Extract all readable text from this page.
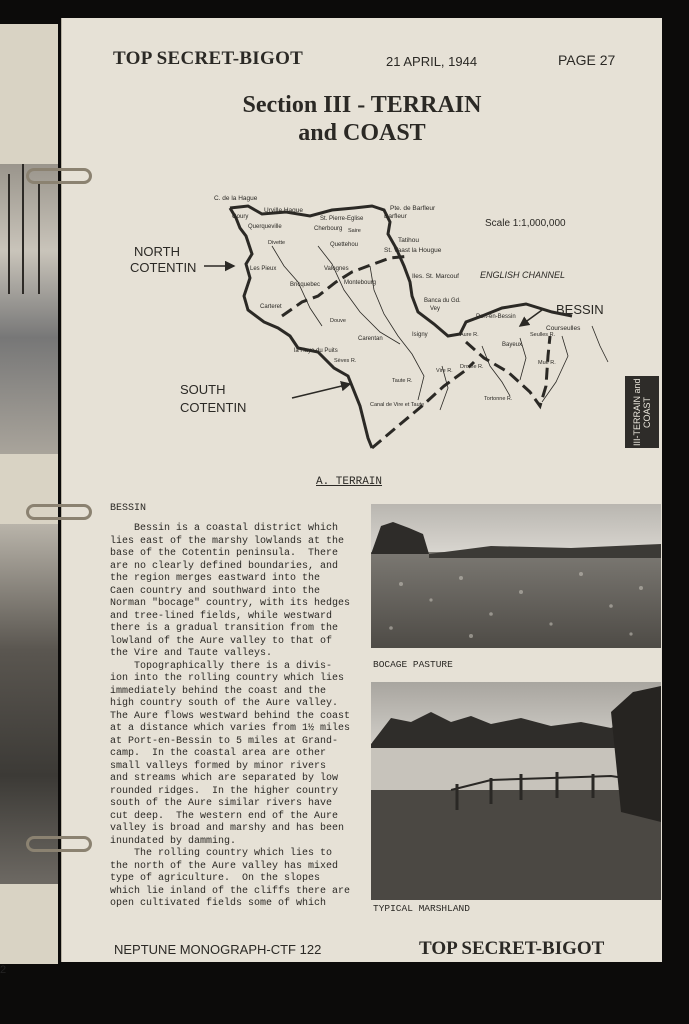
2
TOP SECRET-BIGOT	21 APRIL, 1944	PAGE 27
Section III - TERRAIN
and COAST
Scale 1:1,000,000
NORTH
COTENTIN
SOUTH
COTENTIN
BESSIN
ENGLISH CHANNEL
C. de la Hague
Urville Hague
Goury
Querqueville	Cherbourg
St. Pierre-Eglise
Pte. de Barfleur
Barfleur
Quettehou
Tatihou
St. Vaast la Hougue
Divette
Saire
Les Pieux	Valognes
Bricquebec	Montebourg
Iles. St. Marcouf
Carteret
Douve
Banca du Gd.
Vey
Port-en-Bessin
Courseulles
Seulles R.
la Haye du Puits
Carentan
Isigny	Aure R.
Bayeux
Drome R.
Vire R.
Taute R.
Canal de Vire et Taute
Sèves R.	Mue R.
Tortonne R.	III-TERRAIN and COAST
A. TERRAIN
BESSIN
Bessin is a coastal district which
lies east of the marshy lowlands at the
base of the Cotentin peninsula.  There
are no clearly defined boundaries, and
the region merges eastward into the
Caen country and southward into the
Norman "bocage" country, with its hedges
and tree-lined fields, while westward
there is a gradual transition from the
lowland of the Aure valley to that of
the Vire and Taute valleys.
Topographically there is a divis-
ion into the rolling country which lies
immediately behind the coast and the
high country south of the Aure valley.
The Aure flows westward behind the coast
at a distance which varies from 1½ miles
at Port-en-Bessin to 5 miles at Grand-
camp.  In the coastal area are other
small valleys formed by minor rivers
and streams which are separated by low
rounded ridges.  In the higher country
south of the Aure similar rivers have
cut deep.  The western end of the Aure
valley is broad and marshy and has been
inundated by damming.
The rolling country which lies to
the north of the Aure valley has mixed
type of agriculture.  On the slopes
which lie inland of the cliffs there are
open cultivated fields some of which
BOCAGE PASTURE
TYPICAL MARSHLAND
NEPTUNE MONOGRAPH-CTF 122	TOP SECRET-BIGOT
